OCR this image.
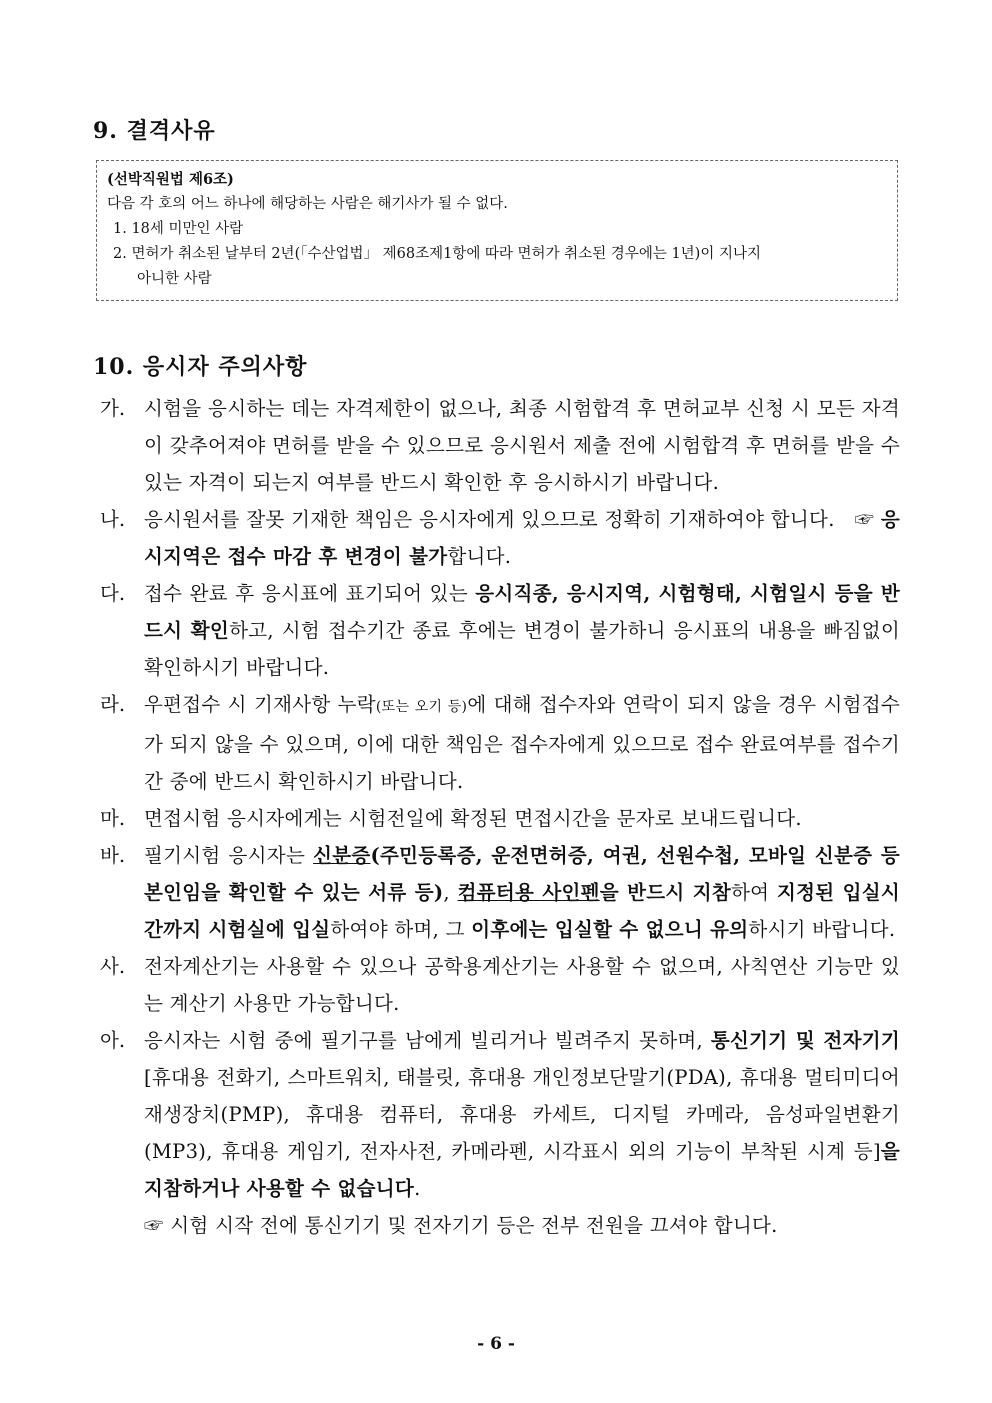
9. 결격사유
(선박직원법 제6조)
다음 각 호의 어느 하나에 해당하는 사람은 해기사가 될 수 없다.
1. 18세 미만인 사람
2. 면허가 취소된 날부터 2년(「수산업법」 제68조제1항에 따라 면허가 취소된 경우에는 1년)이 지나지
아니한 사람
10. 응시자 주의사항
가. 시험을 응시하는 데는 자격제한이 없으나, 최종 시험합격 후 면허교부 신청 시 모든 자격이 갖추어져야 면허를 받을 수 있으므로 응시원서 제출 전에 시험합격 후 면허를 받을 수 있는 자격이 되는지 여부를 반드시 확인한 후 응시하시기 바랍니다.
나. 응시원서를 잘못 기재한 책임은 응시자에게 있으므로 정확히 기재하여야 합니다. ☞ 응시지역은 접수 마감 후 변경이 불가합니다.
다. 접수 완료 후 응시표에 표기되어 있는 응시직종, 응시지역, 시험형태, 시험일시 등을 반드시 확인하고, 시험 접수기간 종료 후에는 변경이 불가하니 응시표의 내용을 빠짐없이 확인하시기 바랍니다.
라. 우편접수 시 기재사항 누락(또는 오기 등)에 대해 접수자와 연락이 되지 않을 경우 시험접수가 되지 않을 수 있으며, 이에 대한 책임은 접수자에게 있으므로 접수 완료여부를 접수기간 중에 반드시 확인하시기 바랍니다.
마. 면접시험 응시자에게는 시험전일에 확정된 면접시간을 문자로 보내드립니다.
바. 필기시험 응시자는 신분증(주민등록증, 운전면허증, 여권, 선원수첩, 모바일 신분증 등 본인임을 확인할 수 있는 서류 등), 컴퓨터용 사인펜을 반드시 지참하여 지정된 입실시간까지 시험실에 입실하여야 하며, 그 이후에는 입실할 수 없으니 유의하시기 바랍니다.
사. 전자계산기는 사용할 수 있으나 공학용계산기는 사용할 수 없으며, 사칙연산 기능만 있는 계산기 사용만 가능합니다.
아. 응시자는 시험 중에 필기구를 남에게 빌리거나 빌려주지 못하며, 통신기기 및 전자기기[휴대용 전화기, 스마트워치, 태블릿, 휴대용 개인정보단말기(PDA), 휴대용 멀티미디어 재생장치(PMP), 휴대용 컴퓨터, 휴대용 카세트, 디지털 카메라, 음성파일변환기(MP3), 휴대용 게임기, 전자사전, 카메라펜, 시각표시 외의 기능이 부착된 시계 등]을 지참하거나 사용할 수 없습니다.
☞ 시험 시작 전에 통신기기 및 전자기기 등은 전부 전원을 끄셔야 합니다.
- 6 -
